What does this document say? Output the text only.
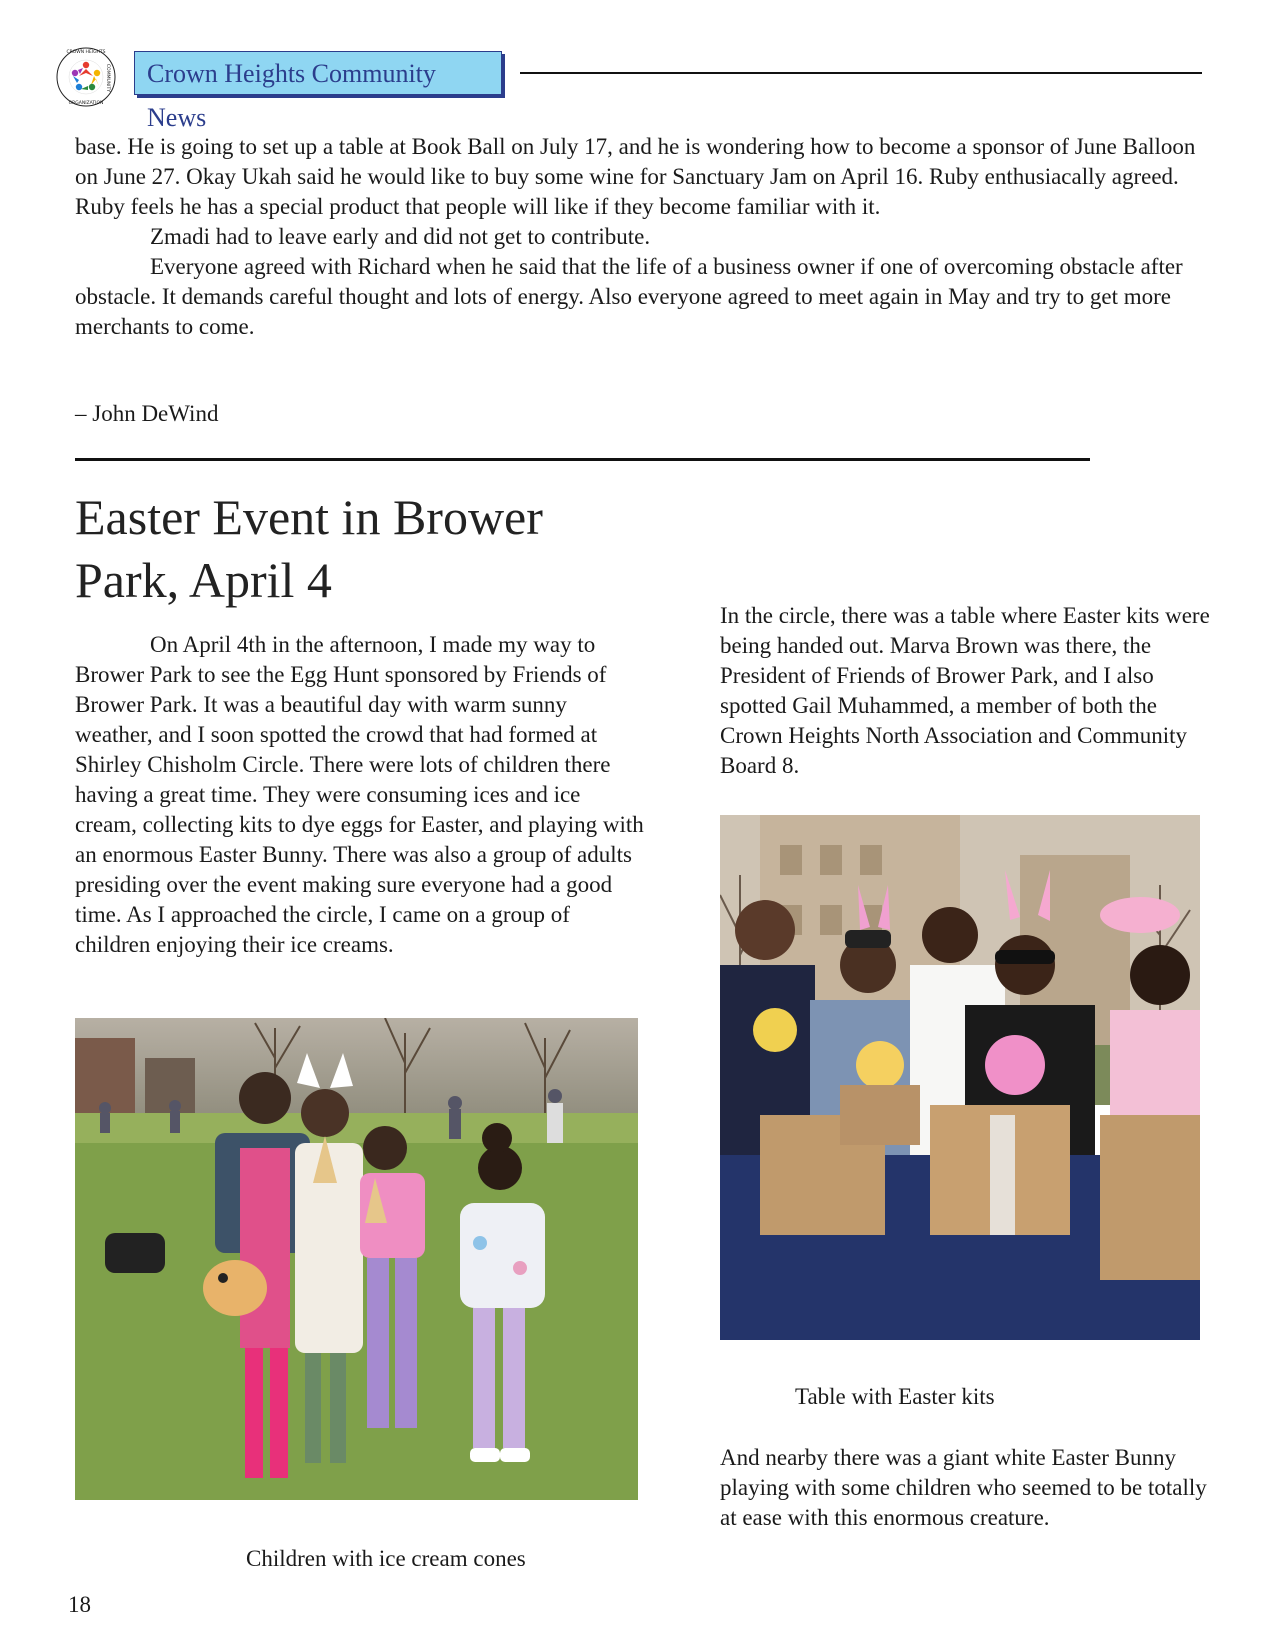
CROWN HEIGHTS
COMMUNITY
ORGANIZATION
Crown Heights Community News

base. He is going to set up a table at Book Ball on July 17, and he is wondering how to become a sponsor of June Balloon on June 27. Okay Ukah said he would like to buy some wine for Sanctuary Jam on April 16. Ruby enthusiacally agreed. Ruby feels he has a special product that people will like if they become familiar with it.

Zmadi had to leave early and did not get to contribute.

Everyone agreed with Richard when he said that the life of a business owner if one of overcoming obstacle after obstacle. It demands careful thought and lots of energy. Also everyone agreed to meet again in May and try to get more merchants to come.

– John DeWind
Easter Event in Brower Park, April 4

On April 4th in the afternoon, I made my way to Brower Park to see the Egg Hunt sponsored by Friends of Brower Park. It was a beautiful day with warm sunny weather, and I soon spotted the crowd that had formed at Shirley Chisholm Circle. There were lots of children there having a great time. They were consuming ices and ice cream, collecting kits to dye eggs for Easter, and playing with an enormous Easter Bunny. There was also a group of adults presiding over the event making sure everyone had a good time. As I approached the circle, I came on a group of children enjoying their ice creams.

In the circle, there was a table where Easter kits were being handed out. Marva Brown was there, the President of Friends of Brower Park, and I also spotted Gail Muhammed, a member of both the Crown Heights North Association and Community Board 8.

Children with ice cream cones
Table with Easter kits

And nearby there was a giant white Easter Bunny playing with some children who seemed to be totally at ease with this enormous creature.

18
